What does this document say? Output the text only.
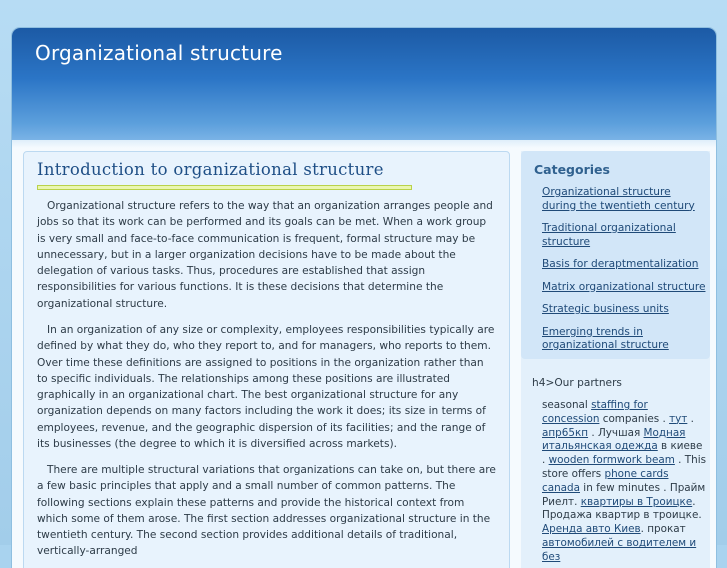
Organizational structure
Introduction to organizational structure

Organizational structure refers to the way that an organization arranges people and jobs so that its work can be performed and its goals can be met. When a work group is very small and face-to-face communication is frequent, formal structure may be unnecessary, but in a larger organization decisions have to be made about the delegation of various tasks. Thus, procedures are established that assign responsibilities for various functions. It is these decisions that determine the organizational structure.

In an organization of any size or complexity, employees responsibilities typically are defined by what they do, who they report to, and for managers, who reports to them. Over time these definitions are assigned to positions in the organization rather than to specific individuals. The relationships among these positions are illustrated graphically in an organizational chart. The best organizational structure for any organization depends on many factors including the work it does; its size in terms of employees, revenue, and the geographic dispersion of its facilities; and the range of its businesses (the degree to which it is diversified across markets).

There are multiple structural variations that organizations can take on, but there are a few basic principles that apply and a small number of common patterns. The following sections explain these patterns and provide the historical context from which some of them arose. The first section addresses organizational structure in the twentieth century. The second section provides additional details of traditional, vertically-arranged

Categories
Organizational structure during the twentieth century
Traditional organizational structure
Basis for deraptmentalization
Matrix organizational structure
Strategic business units
Emerging trends in organizational structure
h4>Our partners
seasonal staffing for concession companies . тут . апр65кп . Лучшая Модная итальянская одежда в киеве . wooden formwork beam . This store offers phone cards canada in few minutes . Прайм Риелт. квартиры в Троицке. Продажа квартир в троицке. Аренда авто Киев. прокат автомобилей с водителем и без
